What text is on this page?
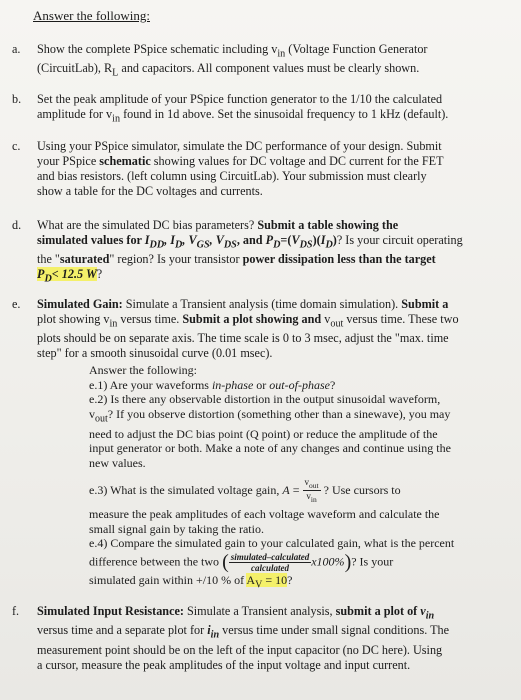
Answer the following:
a.	Show the complete PSpice schematic including $v_{in}$ (Voltage Function Generator
(CircuitLab), $R_L$ and capacitors. All component values must be clearly shown.
b.	Set the peak amplitude of your PSpice function generator to the 1/10 the calculated
amplitude for $v_{in}$ found in 1d above. Set the sinusoidal frequency to 1 kHz (default).
c.	Using your PSpice simulator, simulate the DC performance of your design. Submit
your PSpice schematic showing values for DC voltage and DC current for the FET
and bias resistors. (left column using CircuitLab). Your submission must clearly
show a table for the DC voltages and currents.
d.	What are the simulated DC bias parameters? Submit a table showing the
simulated values for $I_{DD}$, $I_D$, $V_{GS}$, $V_{DS}$, and $P_D=(V_{DS})(I_D)$? Is your circuit operating
the "saturated" region? Is your transistor power dissipation less than the target
$P_D< 12.5$ W?
e.	Simulated Gain: Simulate a Transient analysis (time domain simulation). Submit a
plot showing $v_{in}$ versus time. Submit a plot showing and $v_{out}$ versus time. These two
plots should be on separate axis. The time scale is 0 to 3 msec, adjust the "max. time
step" for a smooth sinusoidal curve (0.01 msec).
Answer the following:
e.1) Are your waveforms in-phase or out-of-phase?
e.2) Is there any observable distortion in the output sinusoidal waveform,
$v_{out}$? If you observe distortion (something other than a sinewave), you may
need to adjust the DC bias point (Q point) or reduce the amplitude of the
input generator or both. Make a note of any changes and continue using the
new values.
e.3) What is the simulated voltage gain, $A = \frac{v_{out}}{v_{in}}$ ? Use cursors to
measure the peak amplitudes of each voltage waveform and calculate the
small signal gain by taking the ratio.
e.4) Compare the simulated gain to your calculated gain, what is the percent
difference between the two ( $\frac{\text{simulated–calculated}}{\text{calculated}} x100\%$)? Is your
simulated gain within +/10 % of $A_V = 10$?
f.	Simulated Input Resistance: Simulate a Transient analysis, submit a plot of $v_{in}$
versus time and a separate plot for $i_{in}$ versus time under small signal conditions. The
measurement point should be on the left of the input capacitor (no DC here). Using
a cursor, measure the peak amplitudes of the input voltage and input current.
